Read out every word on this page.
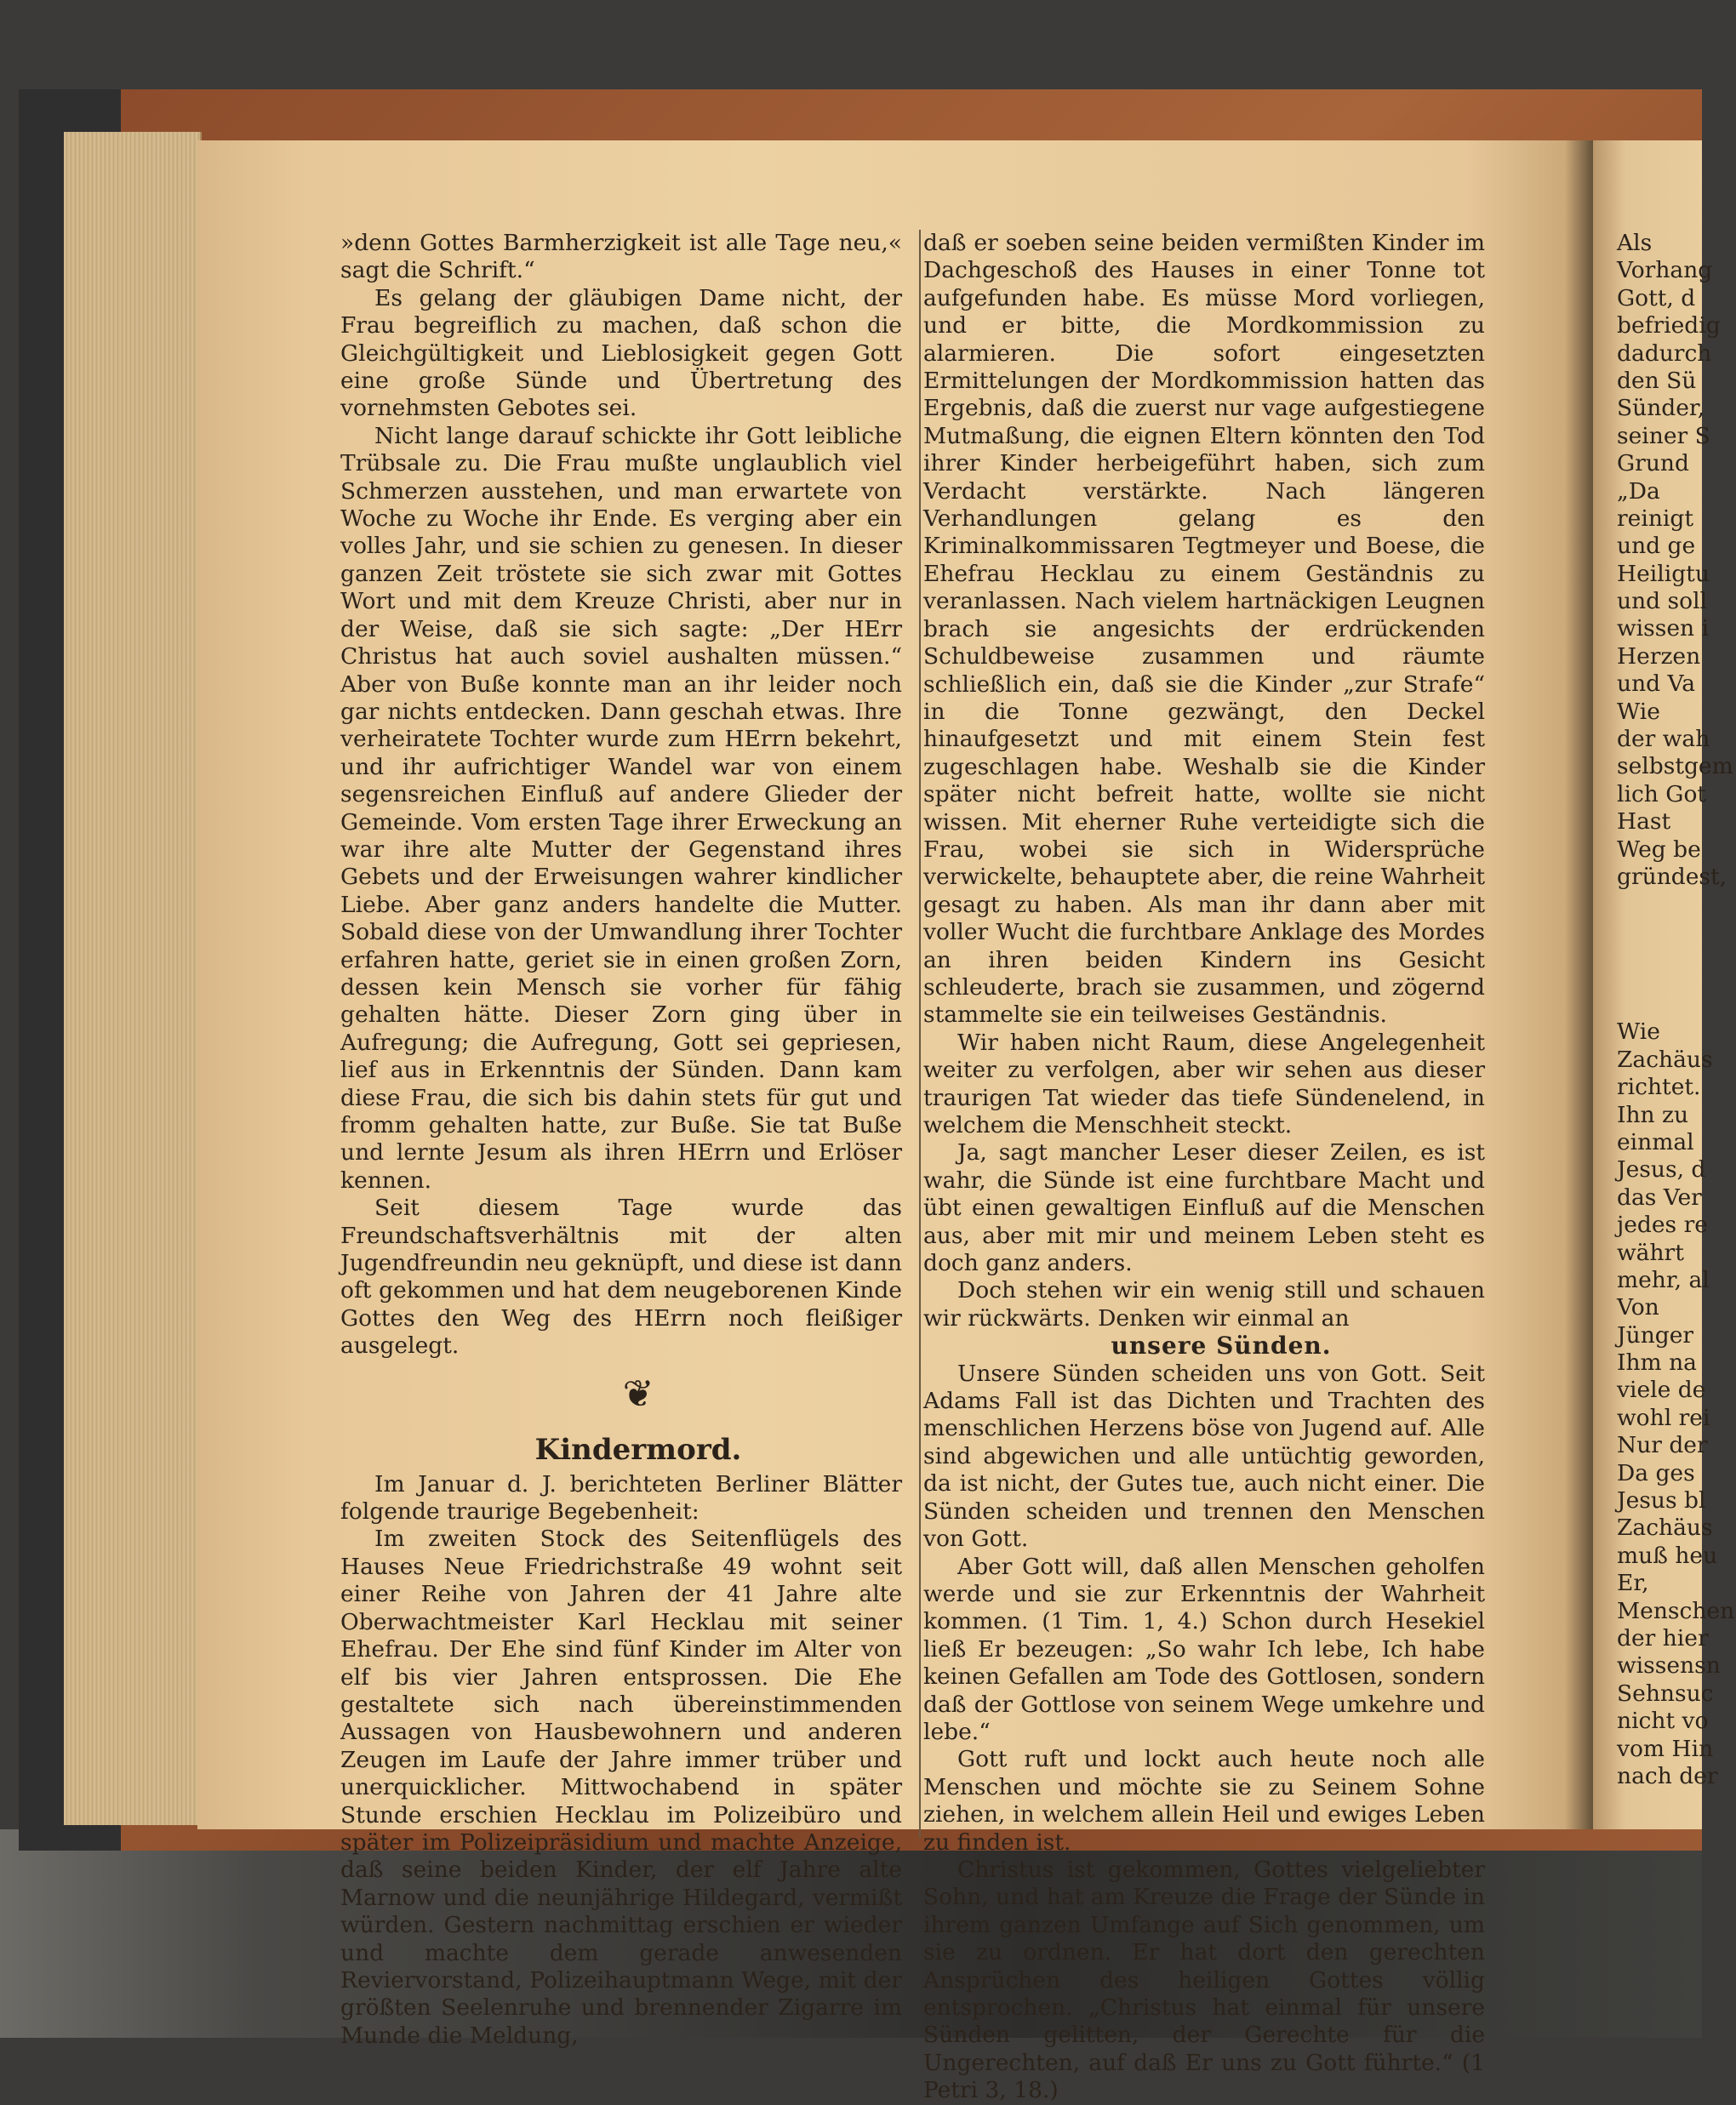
»denn Gottes Barmherzigkeit ist alle Tage neu,« sagt die Schrift.“

Es gelang der gläubigen Dame nicht, der Frau begreiflich zu machen, daß schon die Gleichgültigkeit und Lieblosigkeit gegen Gott eine große Sünde und Übertretung des vornehmsten Gebotes sei.

Nicht lange darauf schickte ihr Gott leibliche Trübsale zu. Die Frau mußte unglaublich viel Schmerzen ausstehen, und man erwartete von Woche zu Woche ihr Ende. Es verging aber ein volles Jahr, und sie schien zu genesen. In dieser ganzen Zeit tröstete sie sich zwar mit Gottes Wort und mit dem Kreuze Christi, aber nur in der Weise, daß sie sich sagte: „Der HErr Christus hat auch soviel aushalten müssen.“ Aber von Buße konnte man an ihr leider noch gar nichts entdecken. Dann geschah etwas. Ihre verheiratete Tochter wurde zum HErrn bekehrt, und ihr aufrichtiger Wandel war von einem segensreichen Einfluß auf andere Glieder der Gemeinde. Vom ersten Tage ihrer Erweckung an war ihre alte Mutter der Gegenstand ihres Gebets und der Erweisungen wahrer kindlicher Liebe. Aber ganz anders handelte die Mutter. Sobald diese von der Umwandlung ihrer Tochter erfahren hatte, geriet sie in einen großen Zorn, dessen kein Mensch sie vorher für fähig gehalten hätte. Dieser Zorn ging über in Aufregung; die Aufregung, Gott sei gepriesen, lief aus in Erkenntnis der Sünden. Dann kam diese Frau, die sich bis dahin stets für gut und fromm gehalten hatte, zur Buße. Sie tat Buße und lernte Jesum als ihren HErrn und Erlöser kennen.

Seit diesem Tage wurde das Freundschaftsverhältnis mit der alten Jugendfreundin neu geknüpft, und diese ist dann oft gekommen und hat dem neugeborenen Kinde Gottes den Weg des HErrn noch fleißiger ausgelegt.

❦

Kindermord.

Im Januar d. J. berichteten Berliner Blätter folgende traurige Begebenheit:

Im zweiten Stock des Seitenflügels des Hauses Neue Friedrichstraße 49 wohnt seit einer Reihe von Jahren der 41 Jahre alte Oberwachtmeister Karl Hecklau mit seiner Ehefrau. Der Ehe sind fünf Kinder im Alter von elf bis vier Jahren entsprossen. Die Ehe gestaltete sich nach übereinstimmenden Aussagen von Hausbewohnern und anderen Zeugen im Laufe der Jahre immer trüber und unerquicklicher. Mittwochabend in später Stunde erschien Hecklau im Polizeibüro und später im Polizeipräsidium und machte Anzeige, daß seine beiden Kinder, der elf Jahre alte Marnow und die neunjährige Hildegard, vermißt würden. Gestern nachmittag erschien er wieder und machte dem gerade anwesenden Reviervorstand, Polizeihauptmann Wege, mit der größten Seelenruhe und brennender Zigarre im Munde die Meldung,

daß er soeben seine beiden vermißten Kinder im Dachgeschoß des Hauses in einer Tonne tot aufgefunden habe. Es müsse Mord vorliegen, und er bitte, die Mordkommission zu alarmieren. Die sofort eingesetzten Ermittelungen der Mordkommission hatten das Ergebnis, daß die zuerst nur vage aufgestiegene Mutmaßung, die eignen Eltern könnten den Tod ihrer Kinder herbeigeführt haben, sich zum Verdacht verstärkte. Nach längeren Verhandlungen gelang es den Kriminalkommissaren Tegtmeyer und Boese, die Ehefrau Hecklau zu einem Geständnis zu veranlassen. Nach vielem hartnäckigen Leugnen brach sie angesichts der erdrückenden Schuldbeweise zusammen und räumte schließlich ein, daß sie die Kinder „zur Strafe“ in die Tonne gezwängt, den Deckel hinaufgesetzt und mit einem Stein fest zugeschlagen habe. Weshalb sie die Kinder später nicht befreit hatte, wollte sie nicht wissen. Mit eherner Ruhe verteidigte sich die Frau, wobei sie sich in Widersprüche verwickelte, behauptete aber, die reine Wahrheit gesagt zu haben. Als man ihr dann aber mit voller Wucht die furchtbare Anklage des Mordes an ihren beiden Kindern ins Gesicht schleuderte, brach sie zusammen, und zögernd stammelte sie ein teilweises Geständnis.

Wir haben nicht Raum, diese Angelegenheit weiter zu verfolgen, aber wir sehen aus dieser traurigen Tat wieder das tiefe Sündenelend, in welchem die Menschheit steckt.

Ja, sagt mancher Leser dieser Zeilen, es ist wahr, die Sünde ist eine furchtbare Macht und übt einen gewaltigen Einfluß auf die Menschen aus, aber mit mir und meinem Leben steht es doch ganz anders.

Doch stehen wir ein wenig still und schauen wir rückwärts. Denken wir einmal an

unsere Sünden.

Unsere Sünden scheiden uns von Gott. Seit Adams Fall ist das Dichten und Trachten des menschlichen Herzens böse von Jugend auf. Alle sind abgewichen und alle untüchtig geworden, da ist nicht, der Gutes tue, auch nicht einer. Die Sünden scheiden und trennen den Menschen von Gott.

Aber Gott will, daß allen Menschen geholfen werde und sie zur Erkenntnis der Wahrheit kommen. (1 Tim. 1, 4.) Schon durch Hesekiel ließ Er bezeugen: „So wahr Ich lebe, Ich habe keinen Gefallen am Tode des Gottlosen, sondern daß der Gottlose von seinem Wege umkehre und lebe.“

Gott ruft und lockt auch heute noch alle Menschen und möchte sie zu Seinem Sohne ziehen, in welchem allein Heil und ewiges Leben zu finden ist.

Christus ist gekommen, Gottes vielgeliebter Sohn, und hat am Kreuze die Frage der Sünde in ihrem ganzen Umfange auf Sich genommen, um sie zu ordnen. Er hat dort den gerechten Ansprüchen des heiligen Gottes völlig entsprochen. „Christus hat einmal für unsere Sünden gelitten, der Gerechte für die Ungerechten, auf daß Er uns zu Gott führte.“ (1 Petri 3, 18.)

Als
Vorhang
Gott, d
befriedig
dadurch
den Sü
Sünder,
seiner S
Grund
„Da
reinigt
und ge
Heiligtu
und soll
wissen i
Herzen
und Va
Wie
der wah
selbstgem
lich Got
Hast
Weg be
gründest,
Wie
Zachäus
richtet.
Ihn zu
einmal
Jesus, d
das Ver
jedes re
währt
mehr, al
Von
Jünger
Ihm na
viele de
wohl rei
Nur der
Da ges
Jesus bl
Zachäus
muß heu
Er,
Menschen
der hier
wissensn
Sehnsuc
nicht vo
vom Hin
nach der
